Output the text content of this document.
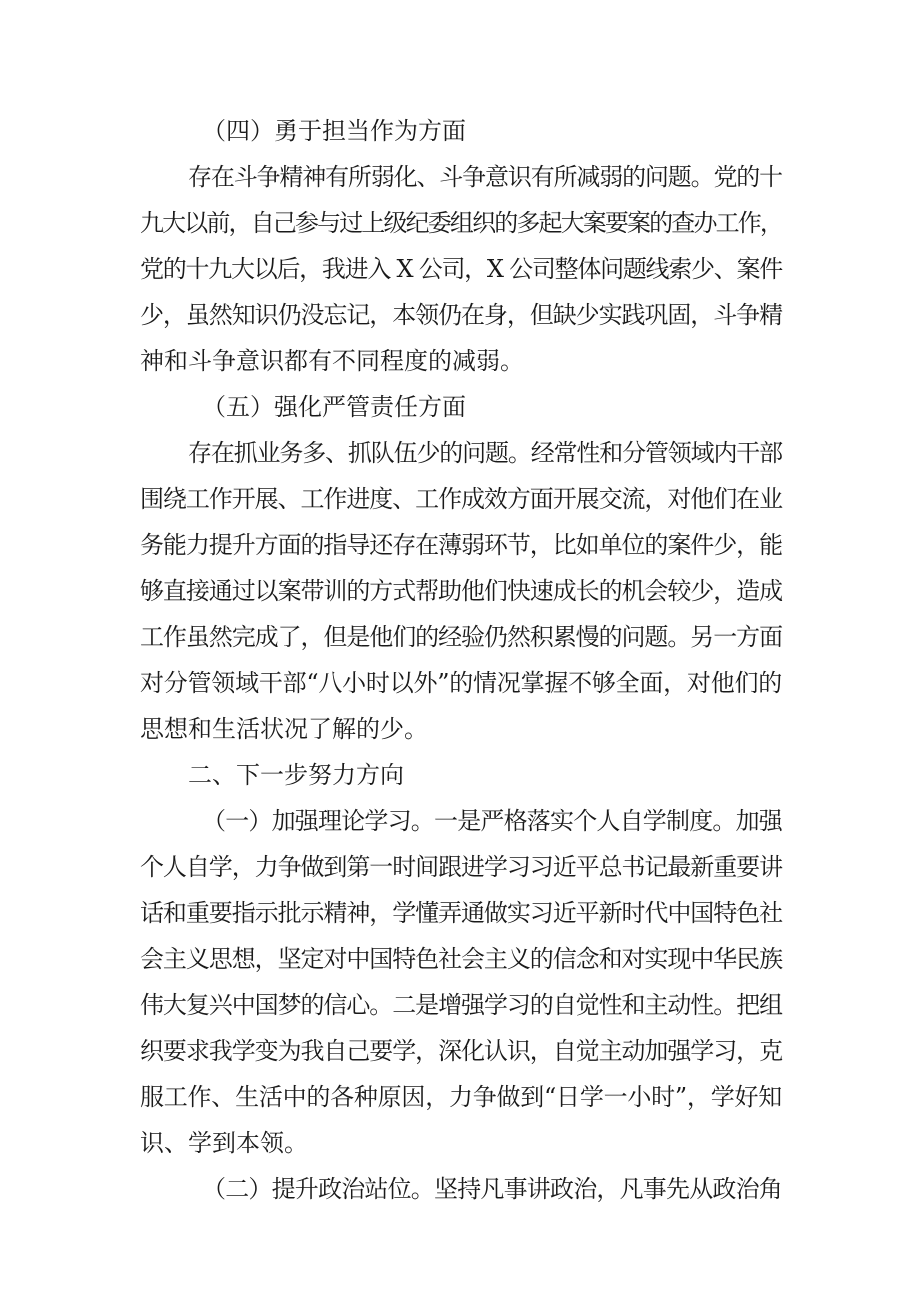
（四）勇于担当作为方面
存在斗争精神有所弱化、斗争意识有所减弱的问题。党的十
九大以前，自己参与过上级纪委组织的多起大案要案的查办工作，
党的十九大以后，我进入 X 公司，X 公司整体问题线索少、案件
少，虽然知识仍没忘记，本领仍在身，但缺少实践巩固，斗争精
神和斗争意识都有不同程度的减弱。
（五）强化严管责任方面
存在抓业务多、抓队伍少的问题。经常性和分管领域内干部
围绕工作开展、工作进度、工作成效方面开展交流，对他们在业
务能力提升方面的指导还存在薄弱环节，比如单位的案件少，能
够直接通过以案带训的方式帮助他们快速成长的机会较少，造成
工作虽然完成了，但是他们的经验仍然积累慢的问题。另一方面
对分管领域干部“八小时以外”的情况掌握不够全面，对他们的
思想和生活状况了解的少。
二、下一步努力方向
（一）加强理论学习。一是严格落实个人自学制度。加强
个人自学，力争做到第一时间跟进学习习近平总书记最新重要讲
话和重要指示批示精神，学懂弄通做实习近平新时代中国特色社
会主义思想，坚定对中国特色社会主义的信念和对实现中华民族
伟大复兴中国梦的信心。二是增强学习的自觉性和主动性。把组
织要求我学变为我自己要学，深化认识，自觉主动加强学习，克
服工作、生活中的各种原因，力争做到“日学一小时”，学好知
识、学到本领。
（二）提升政治站位。坚持凡事讲政治，凡事先从政治角
